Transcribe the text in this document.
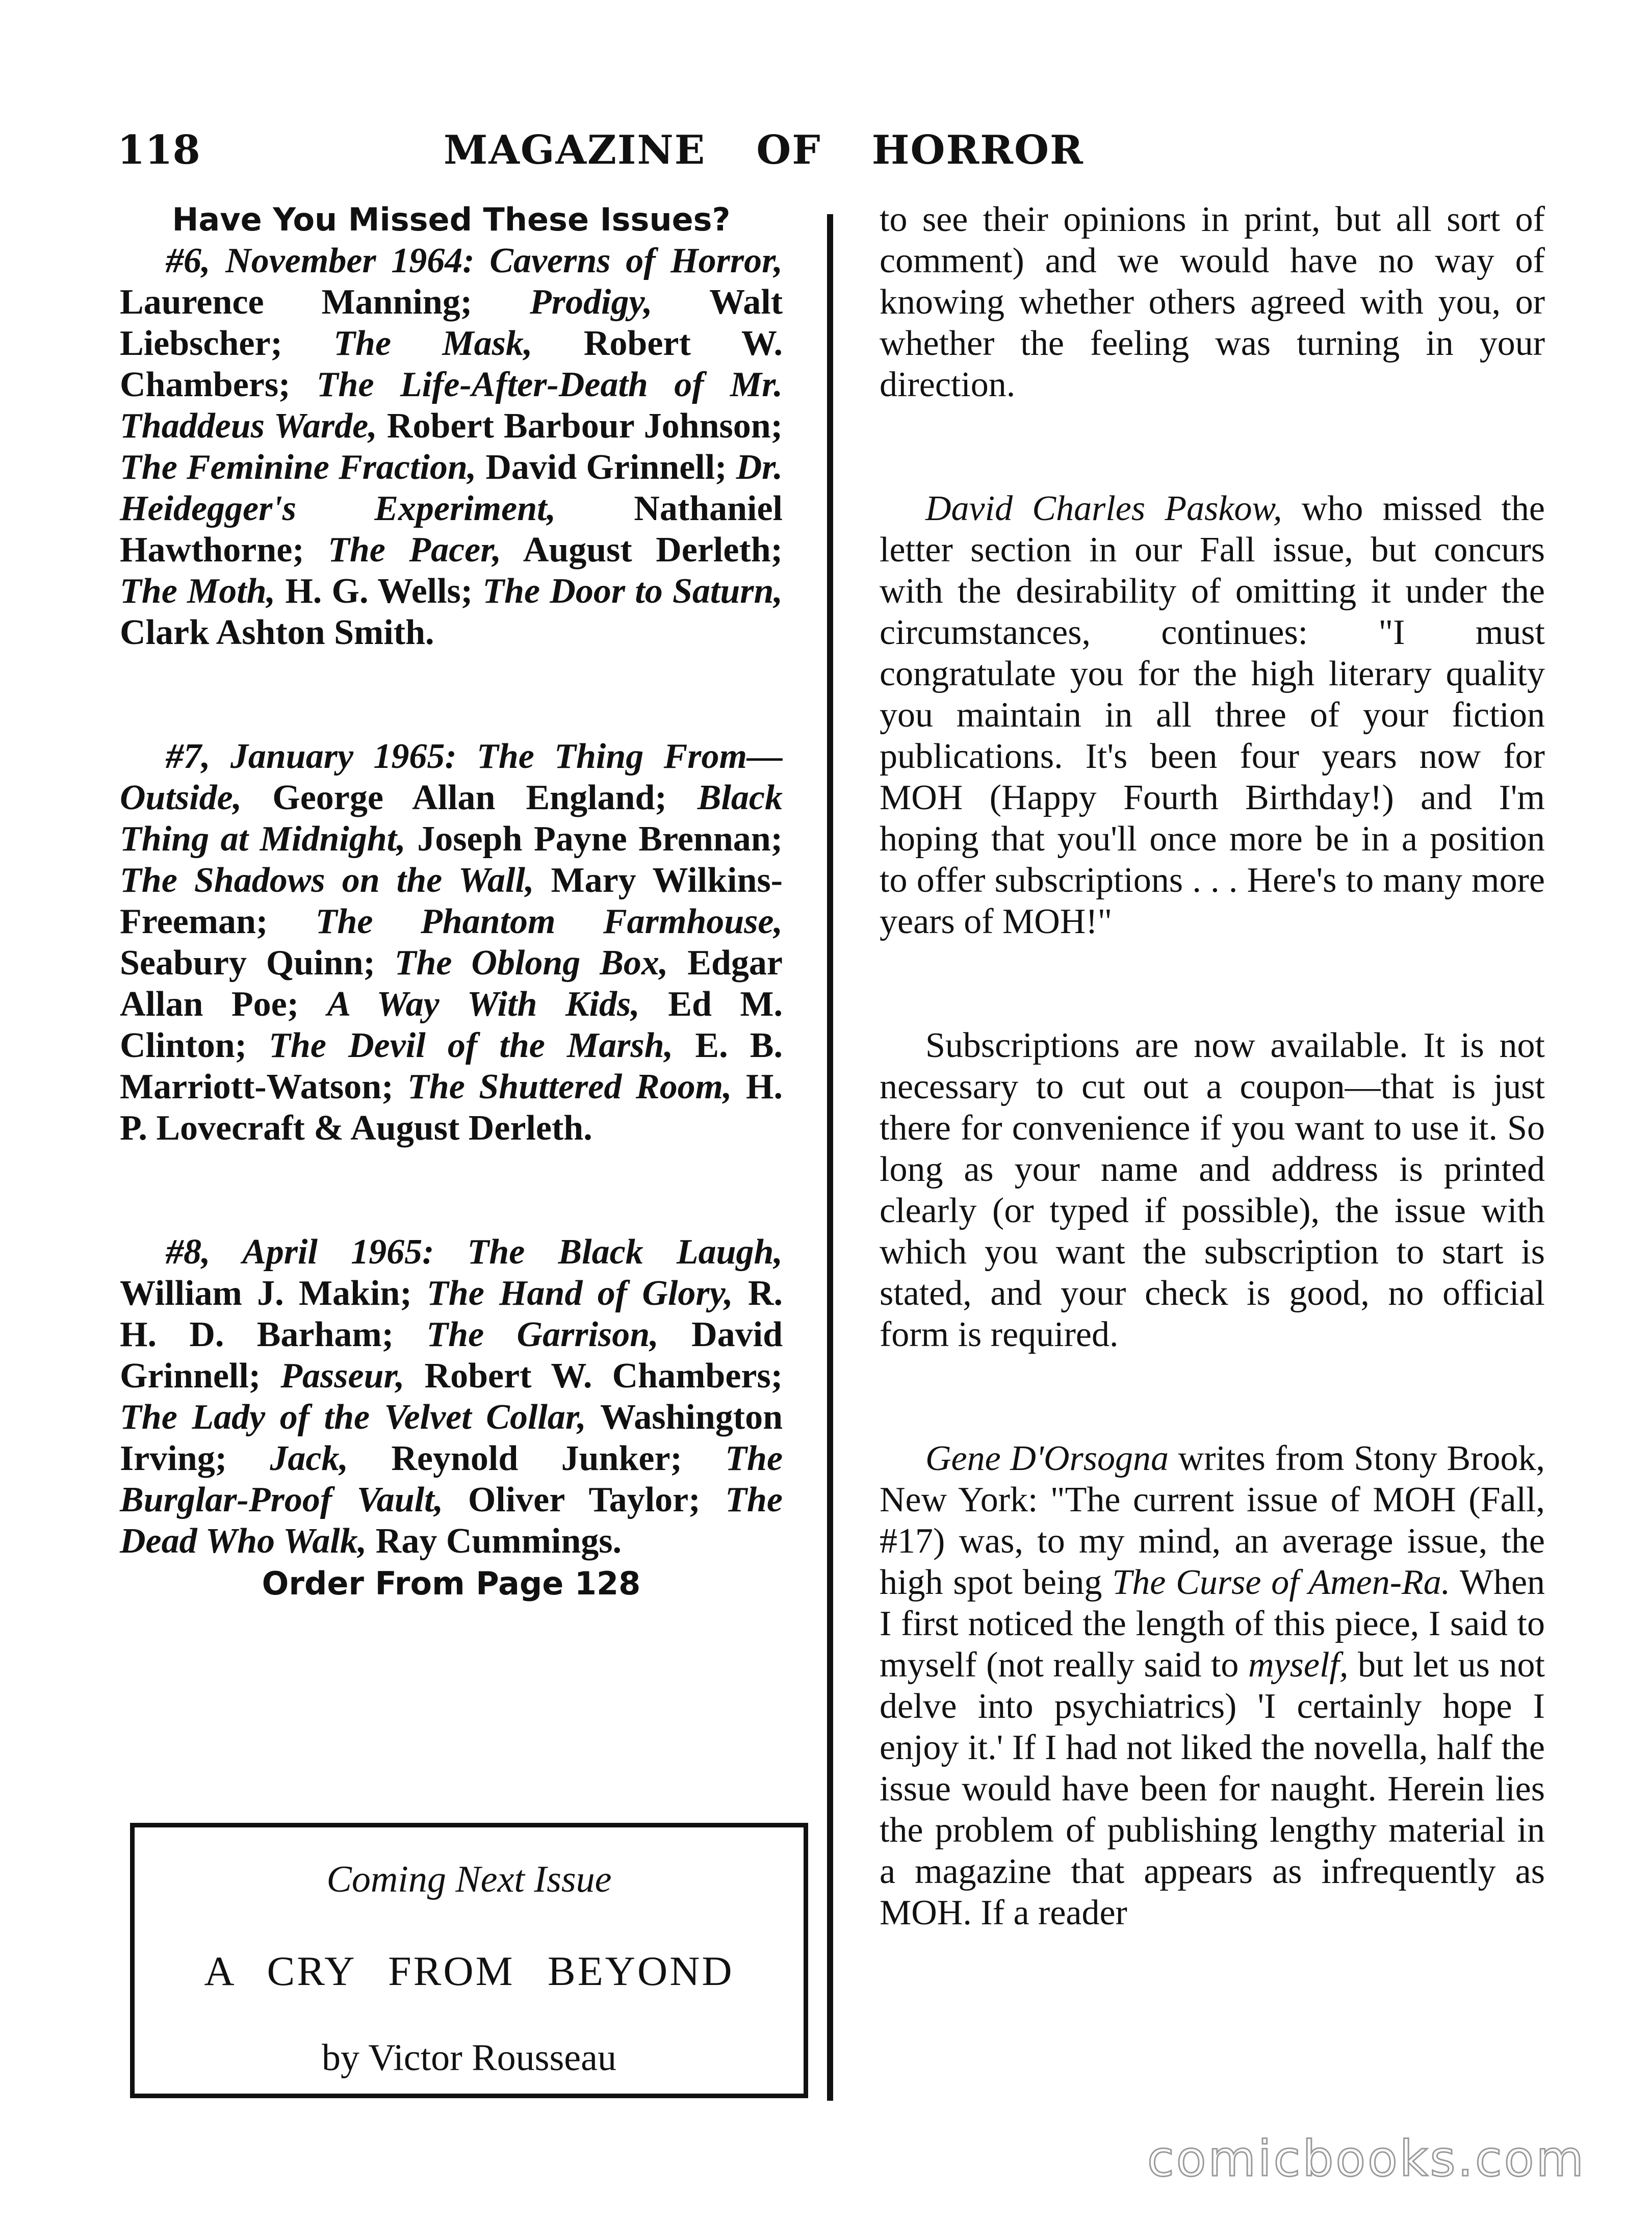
118	MAGAZINE OF HORROR

Have You Missed These Issues?

#6, November 1964: Caverns of Horror, Laurence Manning; Prodigy, Walt Liebscher; The Mask, Robert W. Chambers; The Life-After-Death of Mr. Thaddeus Warde, Robert Barbour Johnson; The Feminine Fraction, David Grinnell; Dr. Heidegger's Experiment, Nathaniel Hawthorne; The Pacer, August Derleth; The Moth, H. G. Wells; The Door to Saturn, Clark Ashton Smith.

#7, January 1965: The Thing From—Outside, George Allan England; Black Thing at Midnight, Joseph Payne Brennan; The Shadows on the Wall, Mary Wilkins-Freeman; The Phantom Farmhouse, Seabury Quinn; The Oblong Box, Edgar Allan Poe; A Way With Kids, Ed M. Clinton; The Devil of the Marsh, E. B. Marriott-Watson; The Shuttered Room, H. P. Lovecraft & August Derleth.

#8, April 1965: The Black Laugh, William J. Makin; The Hand of Glory, R. H. D. Barham; The Garrison, David Grinnell; Passeur, Robert W. Chambers; The Lady of the Velvet Collar, Washington Irving; Jack, Reynold Junker; The Burglar-Proof Vault, Oliver Taylor; The Dead Who Walk, Ray Cummings.

Order From Page 128

Coming Next Issue
A CRY FROM BEYOND
by Victor Rousseau

to see their opinions in print, but all sort of comment) and we would have no way of knowing whether others agreed with you, or whether the feeling was turning in your direction.

David Charles Paskow, who missed the letter section in our Fall issue, but concurs with the desirability of omitting it under the circumstances, continues: "I must congratulate you for the high literary quality you maintain in all three of your fiction publications. It's been four years now for MOH (Happy Fourth Birthday!) and I'm hoping that you'll once more be in a position to offer subscriptions . . . Here's to many more years of MOH!"

Subscriptions are now available. It is not necessary to cut out a coupon—that is just there for convenience if you want to use it. So long as your name and address is printed clearly (or typed if possible), the issue with which you want the subscription to start is stated, and your check is good, no official form is required.

Gene D'Orsogna writes from Stony Brook, New York: "The current issue of MOH (Fall, #17) was, to my mind, an average issue, the high spot being The Curse of Amen-Ra. When I first noticed the length of this piece, I said to myself (not really said to myself, but let us not delve into psychiatrics) 'I certainly hope I enjoy it.' If I had not liked the novella, half the issue would have been for naught. Herein lies the problem of publishing lengthy material in a magazine that appears as infrequently as MOH. If a reader

comicbooks.com
